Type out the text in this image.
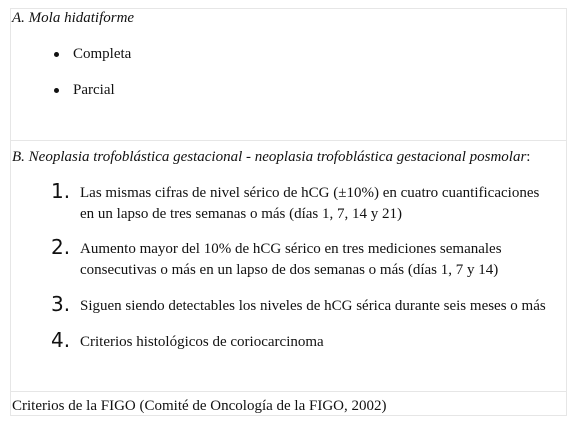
A. Mola hidatiforme
Completa
Parcial
B. Neoplasia trofoblástica gestacional - neoplasia trofoblástica gestacional posmolar:
1. Las mismas cifras de nivel sérico de hCG (±10%) en cuatro cuantificaciones
en un lapso de tres semanas o más (días 1, 7, 14 y 21)
2. Aumento mayor del 10% de hCG sérico en tres mediciones semanales
consecutivas o más en un lapso de dos semanas o más (días 1, 7 y 14)
3. Siguen siendo detectables los niveles de hCG sérica durante seis meses o más
4. Criterios histológicos de coriocarcinoma
Criterios de la FIGO (Comité de Oncología de la FIGO, 2002)
